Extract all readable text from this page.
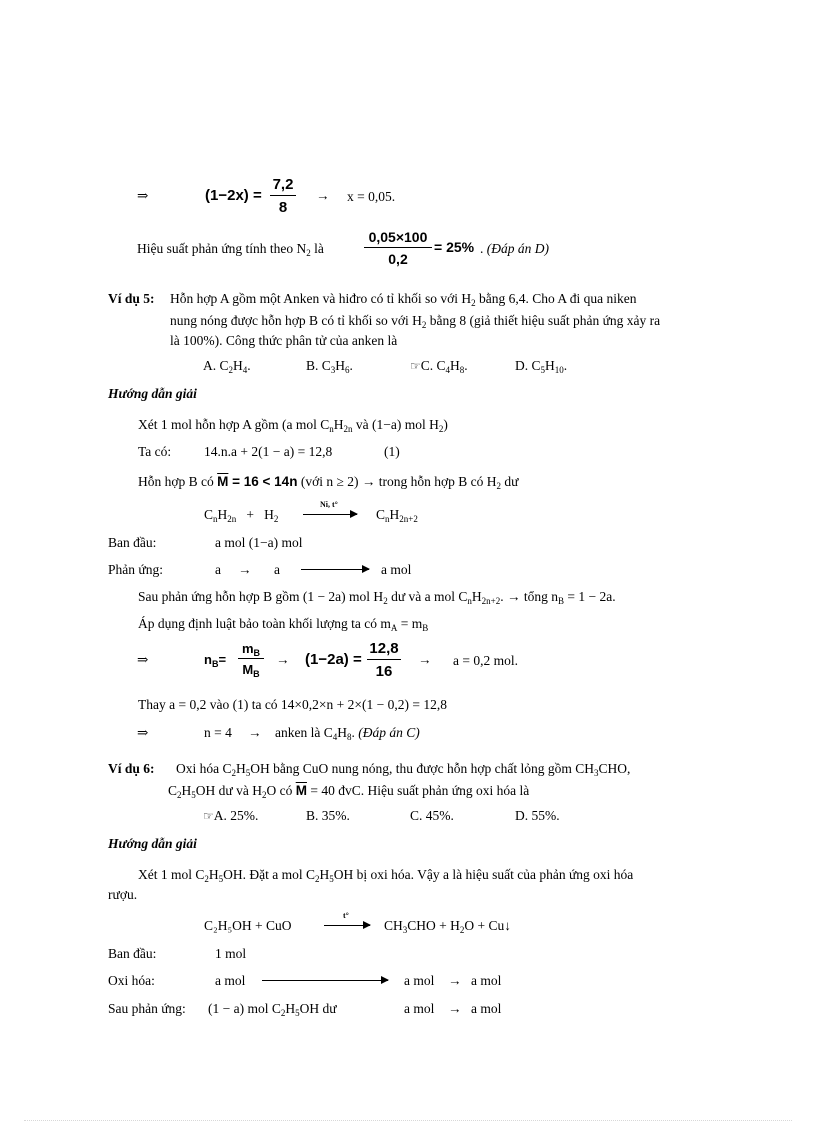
⇒	$(1-2x) = \frac{7,2}{8} \to x = 0,05$.
Hiệu suất phản ứng tính theo $N_2$ là	$\frac{0,05\times 100}{0,2} = 25\%$ . (Đáp án D)
Ví dụ 5: Hỗn hợp A gồm một Anken và hiđro có tỉ khối so với $H_2$ bằng 6,4. Cho A đi qua niken
nung nóng được hỗn hợp B có tỉ khối so với $H_2$ bằng 8 (giả thiết hiệu suất phản ứng xảy ra
là 100%). Công thức phân tử của anken là
A. $C_2H_4$.	B. $C_3H_6$.	☞C. $C_4H_8$.	D. $C_5H_{10}$.
Hướng dẫn giải
Xét 1 mol hỗn hợp A gồm (a mol $C_nH_{2n}$ và (1−a) mol $H_2$)
Ta có: 14.n.a + 2(1 − a) = 12,8	(1)
Hỗn hợp B có $\overline{M} = 16 < 14n$ (với n ≥ 2) → trong hỗn hợp B có $H_2$ dư
$C_nH_{2n} + H_2$
Ni, t°
→ $C_nH_{2n+2}$
Ban đầu:	a mol (1−a) mol
Phản ứng:	a → a	a mol
Sau phản ứng hỗn hợp B gồm (1 − 2a) mol $H_2$ dư và a mol $C_nH_{2n+2}$. → tổng $n_B = 1 - 2a$.
Áp dụng định luật bảo toàn khối lượng ta có $m_A = m_B$
⇒	$n_B= \frac{m_B}{M_B} \to (1-2a) = \frac{12,8}{16} \to a = 0,2$ mol.
Thay a = 0,2 vào (1) ta có 14×0,2×n + 2×(1 − 0,2) = 12,8
⇒	n = 4 → anken là $C_4H_8$. (Đáp án C)
Ví dụ 6: Oxi hóa $C_2H_5OH$ bằng CuO nung nóng, thu được hỗn hợp chất lỏng gồm $CH_3CHO$,
$C_2H_5OH$ dư và $H_2O$ có $\overline{M} = 40$ đvC. Hiệu suất phản ứng oxi hóa là
☞A. 25%.	B. 35%.	C. 45%.	D. 55%.
Hướng dẫn giải
Xét 1 mol $C_2H_5OH$. Đặt a mol $C_2H_5OH$ bị oxi hóa. Vậy a là hiệu suất của phản ứng oxi hóa
rượu.
C₂H₅OH + CuO
t°
→ $CH_3CHO + H_2O$ + Cu↓
Ban đầu:	1 mol
Oxi hóa:	a mol	a mol → a mol
Sau phản ứng: (1 − a) mol $C_2H_5OH$ dư	a mol → a mol
